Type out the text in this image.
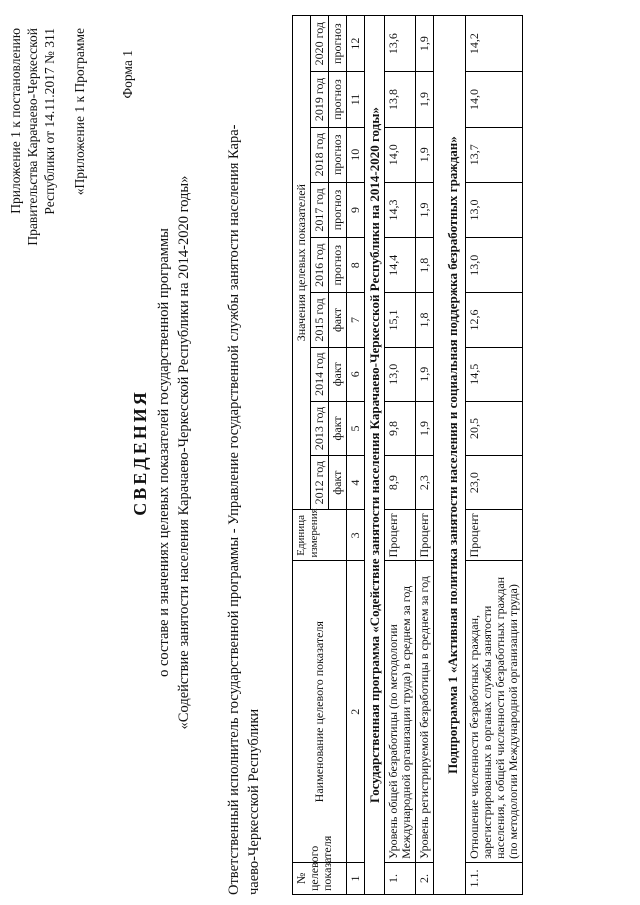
Приложение 1 к постановлению Правительства Карачаево-Черкесской Республики от 14.11.2017 № 311 «Приложение 1 к Программе Форма 1
СВЕДЕНИЯ о составе и значениях целевых показателей государственной программы «Содействие занятости населения Карачаево-Черкесской Республики на 2014-2020 годы» Ответственный исполнитель государственной программы - Управление государственной службы занятости населения Кара- чаево-Черкесской Республики	№ целевого показателя	Наименование целевого показателя	Единица измерения	Значения целевых показателей								
			2012 год	2013 год	2014 год	2015 год	2016 год	2017 год	2018 год	2019 год	2020 год
			факт	факт	факт	факт	прогноз	прогноз	прогноз	прогноз	прогноз
1	2	3	4	5	6	7	8	9	10	11	12
Государственная программа «Содействие занятости населения Карачаево-Черкесской Республики на 2014-2020 годы»											
1.	Уровень общей безработицы (по методологии Международной организации труда) в среднем за год	Процент	8,9	9,8	13,0	15,1	14,4	14,3	14,0	13,8	13,6
2.	Уровень регистрируемой безработицы в среднем за год	Процент	2,3	1,9	1,9	1,8	1,8	1,9	1,9	1,9	1,9
Подпрограмма 1 «Активная политика занятости населения и социальная поддержка безработных граждан»											
1.1.	Отношение численности безработных граждан, зарегистрированных в органах службы занятости населения, к общей численности безработных граждан (по методологии Международной организации труда)	Процент	23,0	20,5	14,5	12,6	13,0	13,0	13,7	14,0	14,2
